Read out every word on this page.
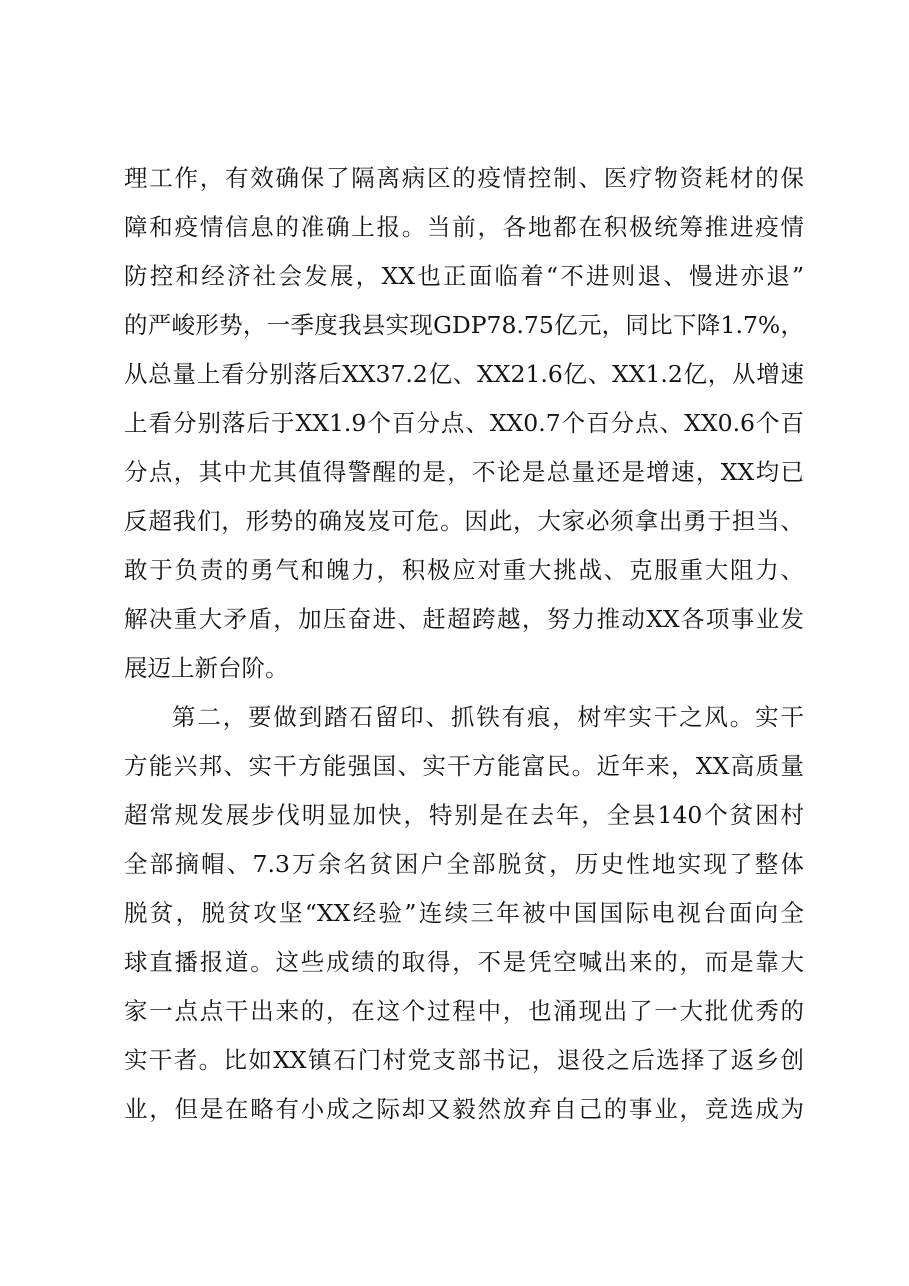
理工作，有效确保了隔离病区的疫情控制、医疗物资耗材的保
障和疫情信息的准确上报。当前，各地都在积极统筹推进疫情
防控和经济社会发展，XX也正面临着“不进则退、慢进亦退”
的严峻形势，一季度我县实现GDP78.75亿元，同比下降1.7%，
从总量上看分别落后XX37.2亿、XX21.6亿、XX1.2亿，从增速
上看分别落后于XX1.9个百分点、XX0.7个百分点、XX0.6个百
分点，其中尤其值得警醒的是，不论是总量还是增速，XX均已
反超我们，形势的确岌岌可危。因此，大家必须拿出勇于担当、
敢于负责的勇气和魄力，积极应对重大挑战、克服重大阻力、
解决重大矛盾，加压奋进、赶超跨越，努力推动XX各项事业发
展迈上新台阶。
第二，要做到踏石留印、抓铁有痕，树牢实干之风。实干
方能兴邦、实干方能强国、实干方能富民。近年来，XX高质量
超常规发展步伐明显加快，特别是在去年，全县140个贫困村
全部摘帽、7.3万余名贫困户全部脱贫，历史性地实现了整体
脱贫，脱贫攻坚“XX经验”连续三年被中国国际电视台面向全
球直播报道。这些成绩的取得，不是凭空喊出来的，而是靠大
家一点点干出来的，在这个过程中，也涌现出了一大批优秀的
实干者。比如XX镇石门村党支部书记，退役之后选择了返乡创
业，但是在略有小成之际却又毅然放弃自己的事业，竞选成为
